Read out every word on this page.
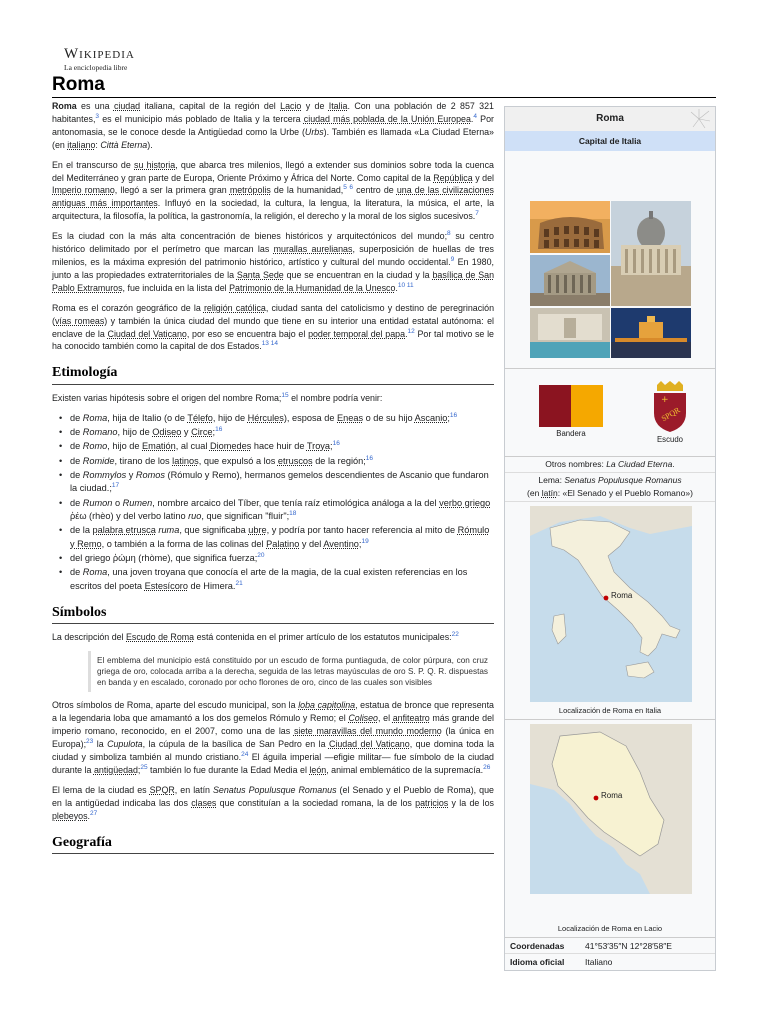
Wikipedia
La enciclopedia libre
Roma

Roma es una ciudad italiana, capital de la región del Lacio y de Italia. Con una población de 2 857 321 habitantes,$^3$ es el municipio más poblado de Italia y la tercera ciudad más poblada de la Unión Europea.$^4$ Por antonomasia, se le conoce desde la Antigüedad como la Urbe (Urbs). También es llamada «La Ciudad Eterna» (en italiano: Città Eterna).

En el transcurso de su historia, que abarca tres milenios, llegó a extender sus dominios sobre toda la cuenca del Mediterráneo y gran parte de Europa, Oriente Próximo y África del Norte. Como capital de la República y del Imperio romano, llegó a ser la primera gran metrópolis de la humanidad,$^{5 6}$ centro de una de las civilizaciones antiguas más importantes. Influyó en la sociedad, la cultura, la lengua, la literatura, la música, el arte, la arquitectura, la filosofía, la política, la gastronomía, la religión, el derecho y la moral de los siglos sucesivos.$^7$

Es la ciudad con la más alta concentración de bienes históricos y arquitectónicos del mundo;$^8$ su centro histórico delimitado por el perímetro que marcan las murallas aurelianas, superposición de huellas de tres milenios, es la máxima expresión del patrimonio histórico, artístico y cultural del mundo occidental.$^9$ En 1980, junto a las propiedades extraterritoriales de la Santa Sede que se encuentran en la ciudad y la basílica de San Pablo Extramuros, fue incluida en la lista del Patrimonio de la Humanidad de la Unesco.$^{10 11}$

Roma es el corazón geográfico de la religión católica, ciudad santa del catolicismo y destino de peregrinación (vías romeas) y también la única ciudad del mundo que tiene en su interior una entidad estatal autónoma: el enclave de la Ciudad del Vaticano, por eso se encuentra bajo el poder temporal del papa.$^{12}$ Por tal motivo se le ha conocido también como la capital de dos Estados.$^{13 14}$

Etimología

Existen varias hipótesis sobre el origen del nombre Roma;$^{15}$ el nombre podría venir:

• de Roma, hija de Italio (o de Télefo, hijo de Hércules), esposa de Eneas o de su hijo Ascanio;$^{16}$
• de Romano, hijo de Odiseo y Circe;$^{16}$
• de Romo, hijo de Ematión, al cual Diomedes hace huir de Troya;$^{16}$
• de Romide, tirano de los latinos, que expulsó a los etruscos de la región;$^{16}$
• de Rommylos y Romos (Rómulo y Remo), hermanos gemelos descendientes de Ascanio que fundaron la ciudad.;$^{17}$
• de Rumon o Rumen, nombre arcaico del Tíber, que tenía raíz etimológica análoga a la del verbo griego ῥέω (rhèo) y del verbo latino ruo, que significan "fluir";$^{18}$
• de la palabra etrusca ruma, que significaba ubre, y podría por tanto hacer referencia al mito de Rómulo y Remo, o también a la forma de las colinas del Palatino y del Aventino;$^{19}$
• del griego ῥώμη (rhòme), que significa fuerza;$^{20}$
• de Roma, una joven troyana que conocía el arte de la magia, de la cual existen referencias en los escritos del poeta Estesícoro de Himera.$^{21}$
Símbolos

La descripción del Escudo de Roma está contenida en el primer artículo de los estatutos municipales:$^{22}$

El emblema del municipio está constituido por un escudo de forma puntiaguda, de color púrpura, con cruz griega de oro, colocada arriba a la derecha, seguida de las letras mayúsculas de oro S. P. Q. R. dispuestas en banda y en escalado, coronado por ocho florones de oro, cinco de las cuales son visibles

Otros símbolos de Roma, aparte del escudo municipal, son la loba capitolina, estatua de bronce que representa a la legendaria loba que amamantó a los dos gemelos Rómulo y Remo; el Coliseo, el anfiteatro más grande del imperio romano, reconocido, en el 2007, como una de las siete maravillas del mundo moderno (la única en Europa);$^{23}$ la Cupulota, la cúpula de la basílica de San Pedro en la Ciudad del Vaticano, que domina toda la ciudad y simboliza también al mundo cristiano.$^{24}$ El águila imperial —efigie militar— fue símbolo de la ciudad durante la antigüedad;$^{25}$ también lo fue durante la Edad Media el león, animal emblemático de la supremacía.$^{26}$

El lema de la ciudad es SPQR, en latín Senatus Populusque Romanus (el Senado y el Pueblo de Roma), que en la antigüedad indicaba las dos clases que constituían a la sociedad romana, la de los patricios y la de los plebeyos.$^{27}$

Geografía
Roma
Capital de Italia
Bandera
SPQR
+
Escudo
Otros nombres: La Ciudad Eterna.
Lema: Senatus Populusque Romanus
(en latín: «El Senado y el Pueblo Romano»)
Roma
Localización de Roma en Italia
Roma
Localización de Roma en Lacio
Coordenadas	41°53′35″N 12°28′58″E
Idioma oficial	Italiano
